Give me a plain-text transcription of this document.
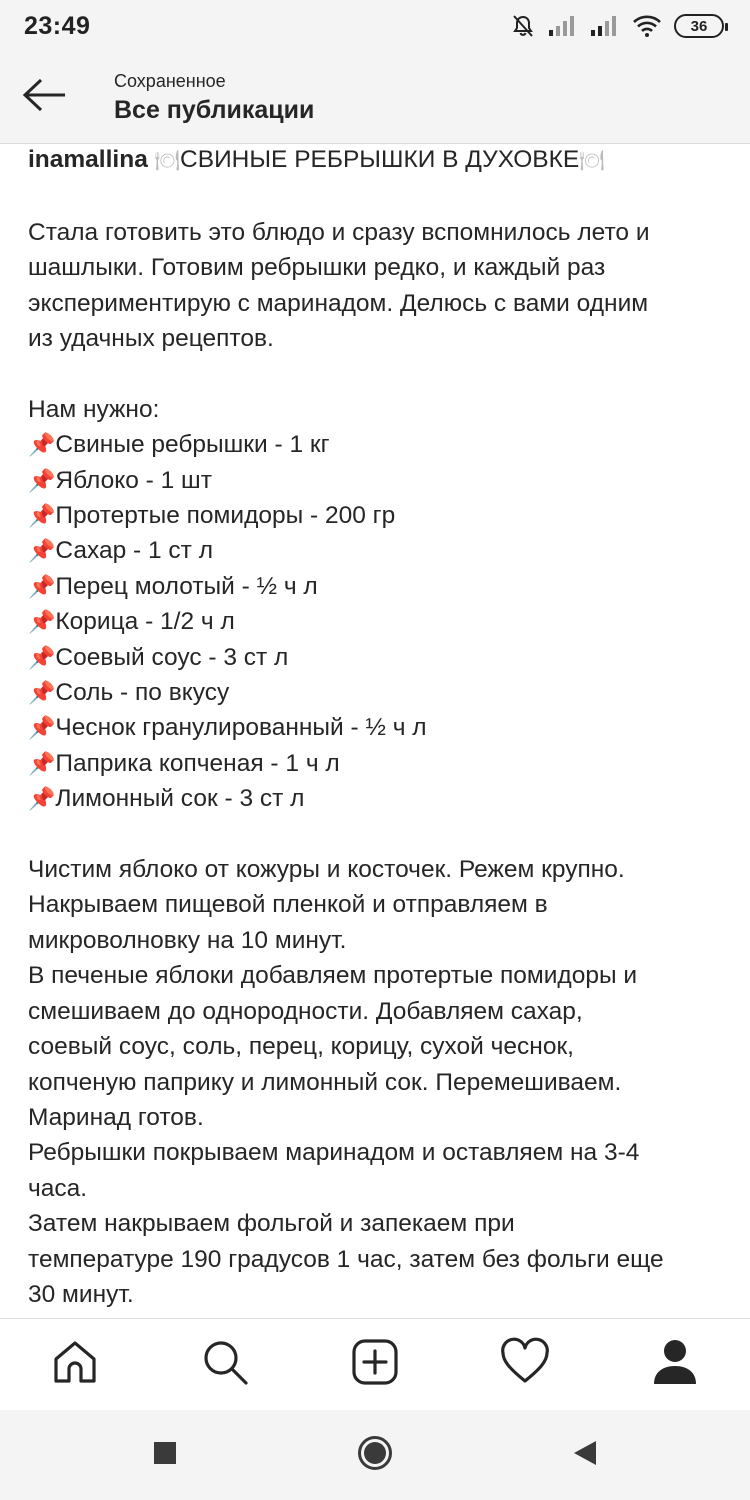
23:49	36
Сохраненное
Все публикации
inamallina 🍽СВИНЫЕ РЕБРЫШКИ В ДУХОВКЕ🍽
Стала готовить это блюдо и сразу вспомнилось лето и
шашлыки. Готовим ребрышки редко, и каждый раз
экспериментирую с маринадом. Делюсь с вами одним
из удачных рецептов.
Нам нужно:
📌Свиные ребрышки - 1 кг
📌Яблоко - 1 шт
📌Протертые помидоры - 200 гр
📌Сахар - 1 ст л
📌Перец молотый - ½ ч л
📌Корица - 1/2 ч л
📌Соевый соус - 3 ст л
📌Соль - по вкусу
📌Чеснок гранулированный - ½ ч л
📌Паприка копченая - 1 ч л
📌Лимонный сок - 3 ст л
Чистим яблоко от кожуры и косточек. Режем крупно.
Накрываем пищевой пленкой и отправляем в
микроволновку на 10 минут.
В печеные яблоки добавляем протертые помидоры и
смешиваем до однородности. Добавляем сахар,
соевый соус, соль, перец, корицу, сухой чеснок,
копченую паприку и лимонный сок. Перемешиваем.
Маринад готов.
Ребрышки покрываем маринадом и оставляем на 3-4
часа.
Затем накрываем фольгой и запекаем при
температуре 190 градусов 1 час, затем без фольги еще
30 минут.
